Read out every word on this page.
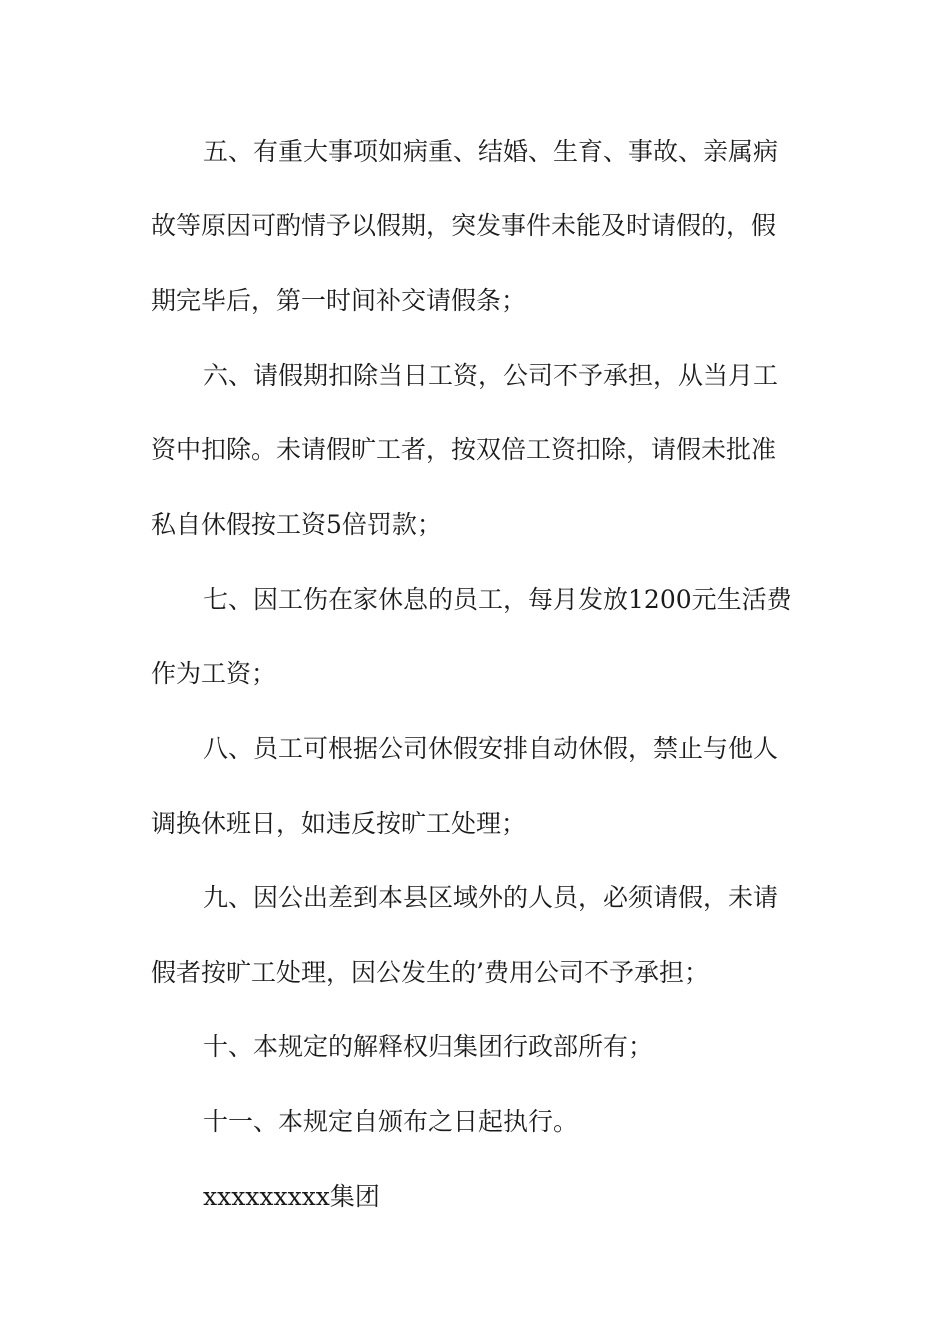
五、有重大事项如病重、结婚、生育、事故、亲属病
故等原因可酌情予以假期，突发事件未能及时请假的，假
期完毕后，第一时间补交请假条；
六、请假期扣除当日工资，公司不予承担，从当月工
资中扣除。未请假旷工者，按双倍工资扣除，请假未批准
私自休假按工资5倍罚款；
七、因工伤在家休息的员工，每月发放1200元生活费
作为工资；
八、员工可根据公司休假安排自动休假，禁止与他人
调换休班日，如违反按旷工处理；
九、因公出差到本县区域外的人员，必须请假，未请
假者按旷工处理，因公发生的’费用公司不予承担；
十、本规定的解释权归集团行政部所有；
十一、本规定自颁布之日起执行。
xxxxxxxxx集团
